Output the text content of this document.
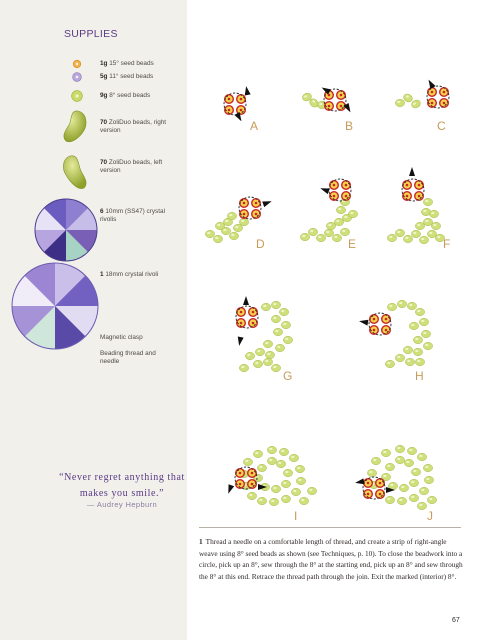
SUPPLIES
1g 15° seed beads
5g 11° seed beads
9g 8° seed beads
70 ZoliDuo beads, right version
70 ZoliDuo beads, left version
6 10mm (SS47) crystal rivolis
1 18mm crystal rivoli
Magnetic clasp
Beading thread and needle
“Never regret anything that makes you smile.”
— Audrey Hepburn
A	B	C
D	E	F
G	H
I	J
1 Thread a needle on a comfortable length of thread, and create a strip of right-angle weave using 8° seed beads as shown (see Techniques, p. 10). To close the beadwork into a circle, pick up an 8°, sew through the 8° at the starting end, pick up an 8° and sew through the 8° at this end. Retrace the thread path through the join. Exit the marked (interior) 8°.
67
